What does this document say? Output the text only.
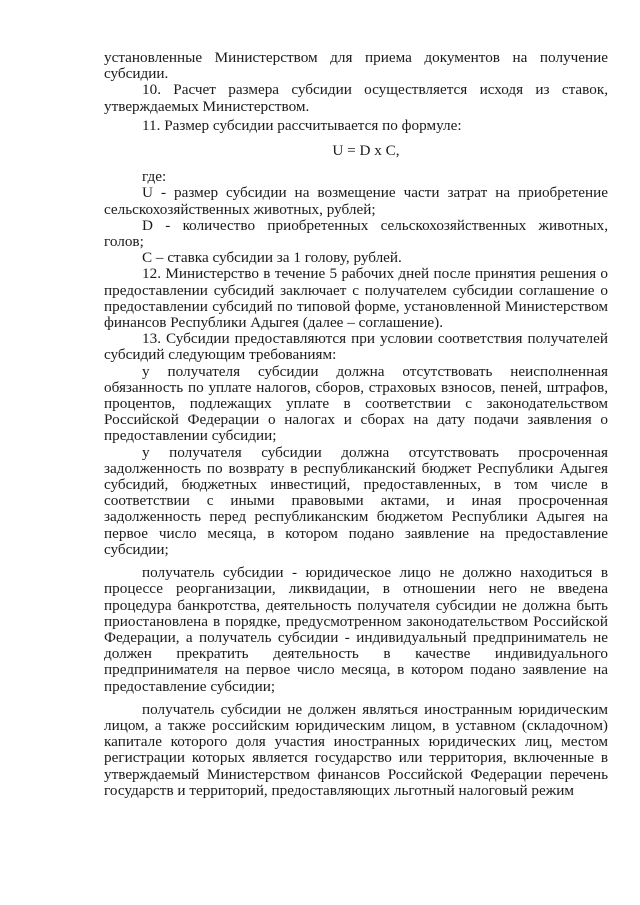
установленные Министерством для приема документов на получение субсидии.

10. Расчет размера субсидии осуществляется исходя из ставок, утверждаемых Министерством.

11. Размер субсидии рассчитывается по формуле:

U = D x C,

где:

U - размер субсидии на возмещение части затрат на приобретение сельскохозяйственных животных, рублей;

D - количество приобретенных сельскохозяйственных животных, голов;

C – ставка субсидии за 1 голову, рублей.

12. Министерство в течение 5 рабочих дней после принятия решения о предоставлении субсидий заключает с получателем субсидии соглашение о предоставлении субсидий по типовой форме, установленной Министерством финансов Республики Адыгея (далее – соглашение).

13. Субсидии предоставляются при условии соответствия получателей субсидий следующим требованиям:

у получателя субсидии должна отсутствовать неисполненная обязанность по уплате налогов, сборов, страховых взносов, пеней, штрафов, процентов, подлежащих уплате в соответствии с законодательством Российской Федерации о налогах и сборах на дату подачи заявления о предоставлении субсидии;

у получателя субсидии должна отсутствовать просроченная задолженность по возврату в республиканский бюджет Республики Адыгея субсидий, бюджетных инвестиций, предоставленных, в том числе в соответствии с иными правовыми актами, и иная просроченная задолженность перед республиканским бюджетом Республики Адыгея на первое число месяца, в котором подано заявление на предоставление субсидии;

получатель субсидии - юридическое лицо не должно находиться в процессе реорганизации, ликвидации, в отношении него не введена процедура банкротства, деятельность получателя субсидии не должна быть приостановлена в порядке, предусмотренном законодательством Российской Федерации, а получатель субсидии - индивидуальный предприниматель не должен прекратить деятельность в качестве индивидуального предпринимателя на первое число месяца, в котором подано заявление на предоставление субсидии;

получатель субсидии не должен являться иностранным юридическим лицом, а также российским юридическим лицом, в уставном (складочном) капитале которого доля участия иностранных юридических лиц, местом регистрации которых является государство или территория, включенные в утверждаемый Министерством финансов Российской Федерации перечень государств и территорий, предоставляющих льготный налоговый режим
